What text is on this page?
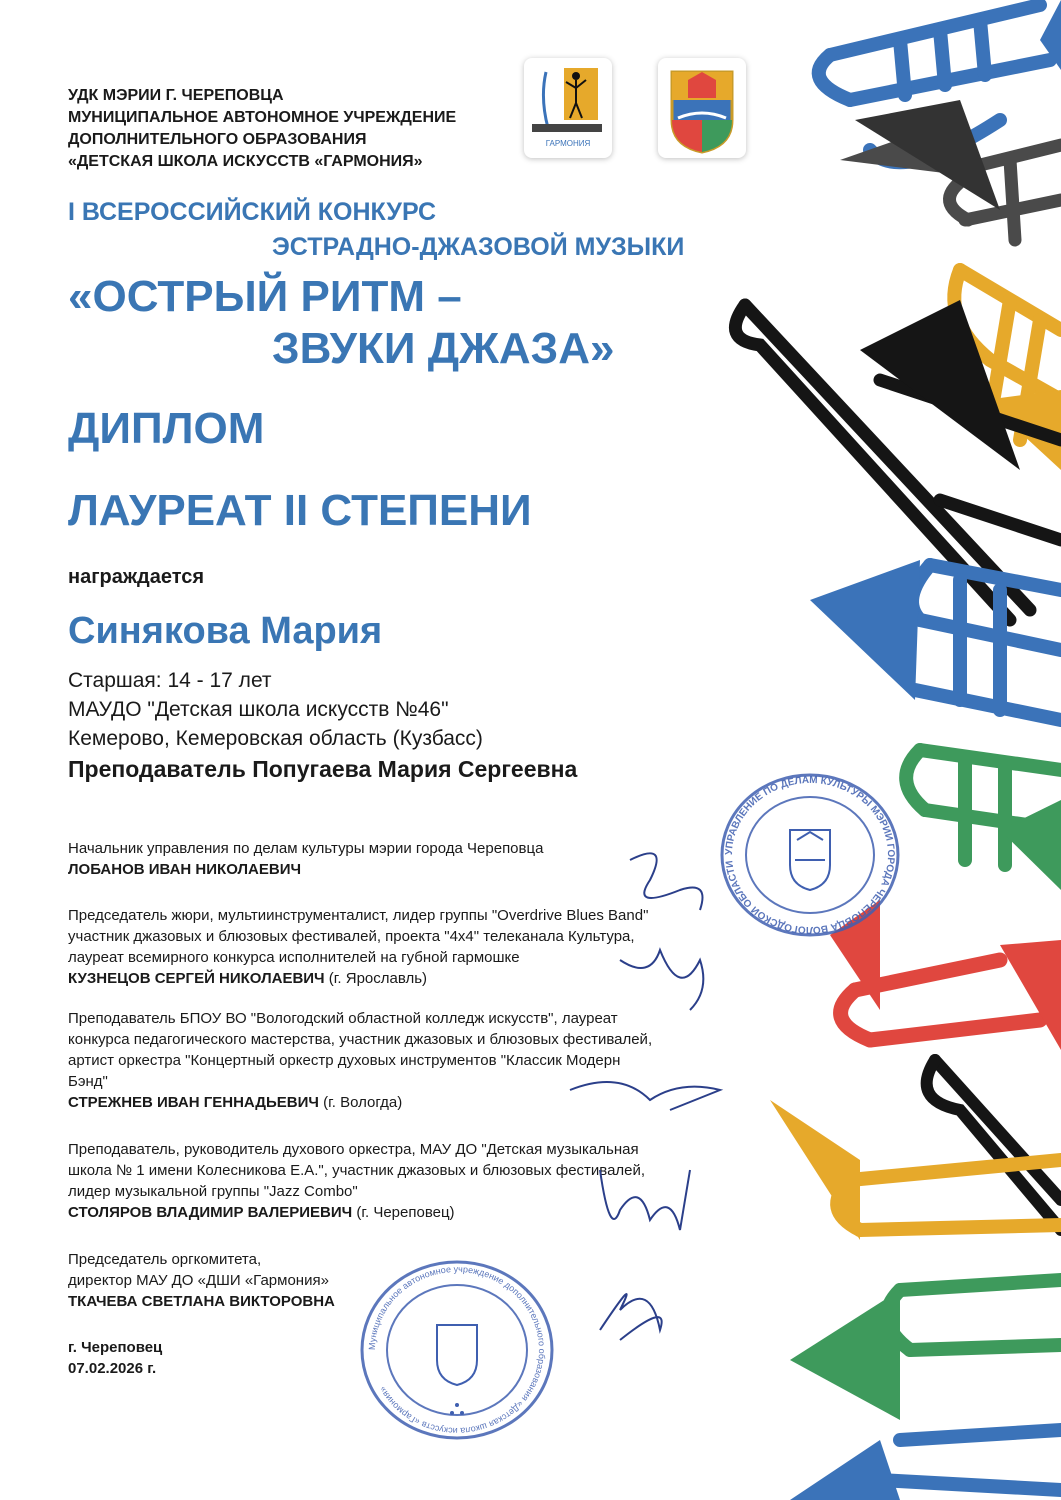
УДК МЭРИИ Г. ЧЕРЕПОВЦА
МУНИЦИПАЛЬНОЕ АВТОНОМНОЕ УЧРЕЖДЕНИЕ
ДОПОЛНИТЕЛЬНОГО ОБРАЗОВАНИЯ
«ДЕТСКАЯ ШКОЛА ИСКУССТВ «ГАРМОНИЯ»
ГАРМОНИЯ
I ВСЕРОССИЙСКИЙ КОНКУРС
ЭСТРАДНО-ДЖАЗОВОЙ МУЗЫКИ
«ОСТРЫЙ РИТМ –
ЗВУКИ ДЖАЗА»
ДИПЛОМ
ЛАУРЕАТ II СТЕПЕНИ
награждается
Синякова Мария
Старшая: 14 - 17 лет
МАУДО "Детская школа искусств №46"
Кемерово, Кемеровская область (Кузбасс)
Преподаватель Попугаева Мария Сергеевна
Начальник управления по делам культуры мэрии города Череповца
ЛОБАНОВ ИВАН НИКОЛАЕВИЧ
Председатель жюри, мультиинструменталист, лидер группы "Overdrive Blues Band"
участник джазовых и блюзовых фестивалей, проекта "4х4" телеканала Культура,
лауреат всемирного конкурса исполнителей на губной гармошке
КУЗНЕЦОВ СЕРГЕЙ НИКОЛАЕВИЧ (г. Ярославль)
Преподаватель БПОУ ВО "Вологодский областной колледж искусств", лауреат
конкурса педагогического мастерства, участник джазовых и блюзовых фестивалей,
артист оркестра "Концертный оркестр духовых инструментов "Классик Модерн
Бэнд"
СТРЕЖНЕВ ИВАН ГЕННАДЬЕВИЧ (г. Вологда)
Преподаватель, руководитель духового оркестра, МАУ ДО "Детская музыкальная
школа № 1 имени Колесникова Е.А.", участник джазовых и блюзовых фестивалей,
лидер музыкальной группы "Jazz Combo"
СТОЛЯРОВ ВЛАДИМИР ВАЛЕРИЕВИЧ (г. Череповец)
Председатель оргкомитета,
директор МАУ ДО «ДШИ «Гармония»
ТКАЧЕВА СВЕТЛАНА ВИКТОРОВНА
г. Череповец
07.02.2026 г.
УПРАВЛЕНИЕ ПО ДЕЛАМ КУЛЬТУРЫ МЭРИИ ГОРОДА ЧЕРЕПОВЦА ВОЛОГОДСКОЙ ОБЛАСТИ
Муниципальное автономное учреждение дополнительного образования «Детская школа искусств «Гармония»
